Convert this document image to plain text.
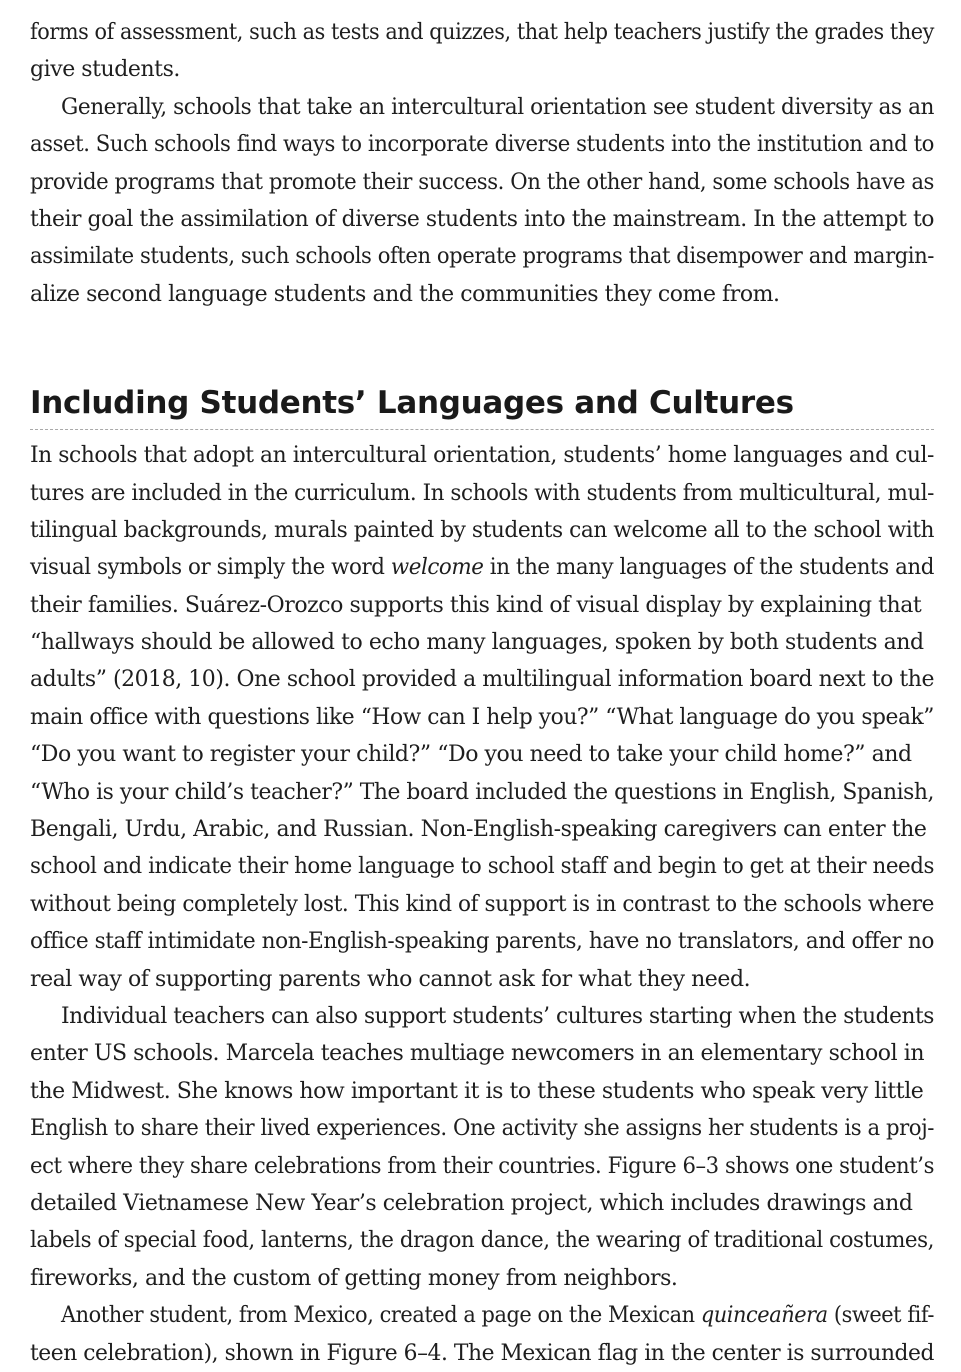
forms of assessment, such as tests and quizzes, that help teachers justify the grades they
give students.
Generally, schools that take an intercultural orientation see student diversity as an
asset. Such schools find ways to incorporate diverse students into the institution and to
provide programs that promote their success. On the other hand, some schools have as
their goal the assimilation of diverse students into the mainstream. In the attempt to
assimilate students, such schools often operate programs that disempower and margin-
alize second language students and the communities they come from.
Including Students’ Languages and Cultures
In schools that adopt an intercultural orientation, students’ home languages and cul-
tures are included in the curriculum. In schools with students from multicultural, mul-
tilingual backgrounds, murals painted by students can welcome all to the school with
visual symbols or simply the word welcome in the many languages of the students and
their families. Suárez-Orozco supports this kind of visual display by explaining that
“hallways should be allowed to echo many languages, spoken by both students and
adults” (2018, 10). One school provided a multilingual information board next to the
main office with questions like “How can I help you?” “What language do you speak”
“Do you want to register your child?” “Do you need to take your child home?” and
“Who is your child’s teacher?” The board included the questions in English, Spanish,
Bengali, Urdu, Arabic, and Russian. Non-English-speaking caregivers can enter the
school and indicate their home language to school staff and begin to get at their needs
without being completely lost. This kind of support is in contrast to the schools where
office staff intimidate non-English-speaking parents, have no translators, and offer no
real way of supporting parents who cannot ask for what they need.
Individual teachers can also support students’ cultures starting when the students
enter US schools. Marcela teaches multiage newcomers in an elementary school in
the Midwest. She knows how important it is to these students who speak very little
English to share their lived experiences. One activity she assigns her students is a proj-
ect where they share celebrations from their countries. Figure 6–3 shows one student’s
detailed Vietnamese New Year’s celebration project, which includes drawings and
labels of special food, lanterns, the dragon dance, the wearing of traditional costumes,
fireworks, and the custom of getting money from neighbors.
Another student, from Mexico, created a page on the Mexican quinceañera (sweet fif-
teen celebration), shown in Figure 6–4. The Mexican flag in the center is surrounded
